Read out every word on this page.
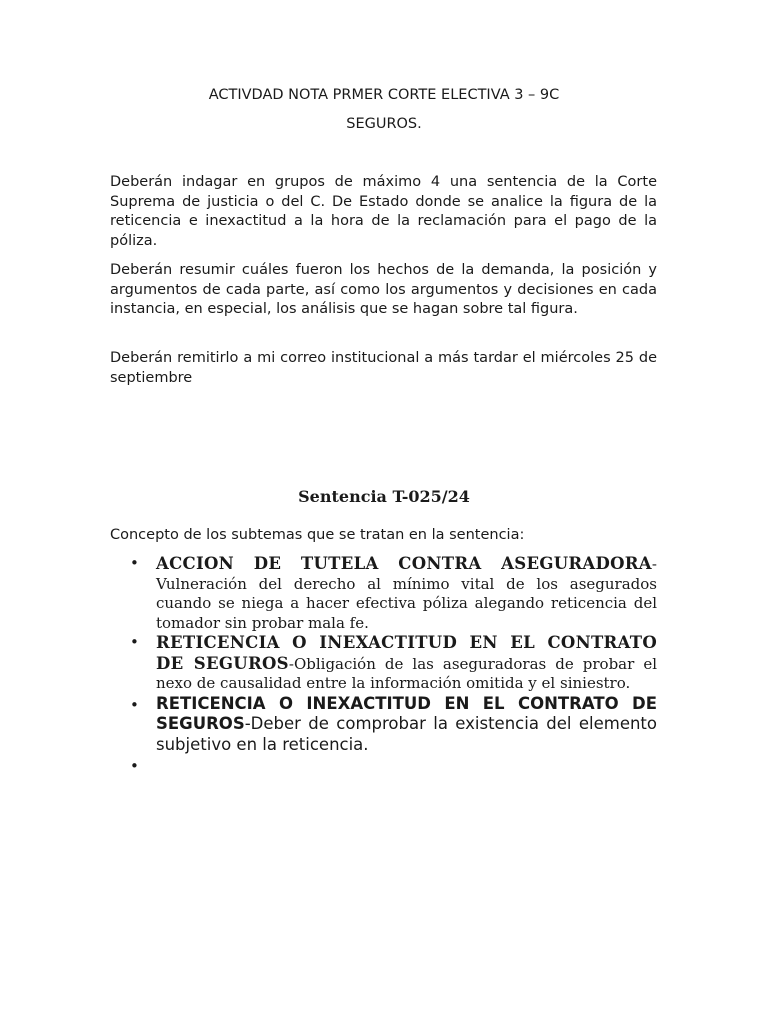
ACTIVDAD NOTA PRMER CORTE ELECTIVA 3 – 9C
SEGUROS.
Deberán indagar en grupos de máximo 4 una sentencia de la Corte Suprema de justicia o del C. De Estado donde se analice la figura de la reticencia e inexactitud a la hora de la reclamación para el pago de la póliza.
Deberán resumir cuáles fueron los hechos de la demanda, la posición y argumentos de cada parte, así como los argumentos y decisiones en cada instancia, en especial, los análisis que se hagan sobre tal figura.
Deberán remitirlo a mi correo institucional a más tardar el miércoles 25 de septiembre
Sentencia T-025/24
Concepto de los subtemas que se tratan en la sentencia:
• ACCION DE TUTELA CONTRA ASEGURADORA-Vulneración del derecho al mínimo vital de los asegurados cuando se niega a hacer efectiva póliza alegando reticencia del tomador sin probar mala fe.
• RETICENCIA O INEXACTITUD EN EL CONTRATO DE SEGUROS-Obligación de las aseguradoras de probar el nexo de causalidad entre la información omitida y el siniestro.
• RETICENCIA O INEXACTITUD EN EL CONTRATO DE SEGUROS-Deber de comprobar la existencia del elemento subjetivo en la reticencia.
•
